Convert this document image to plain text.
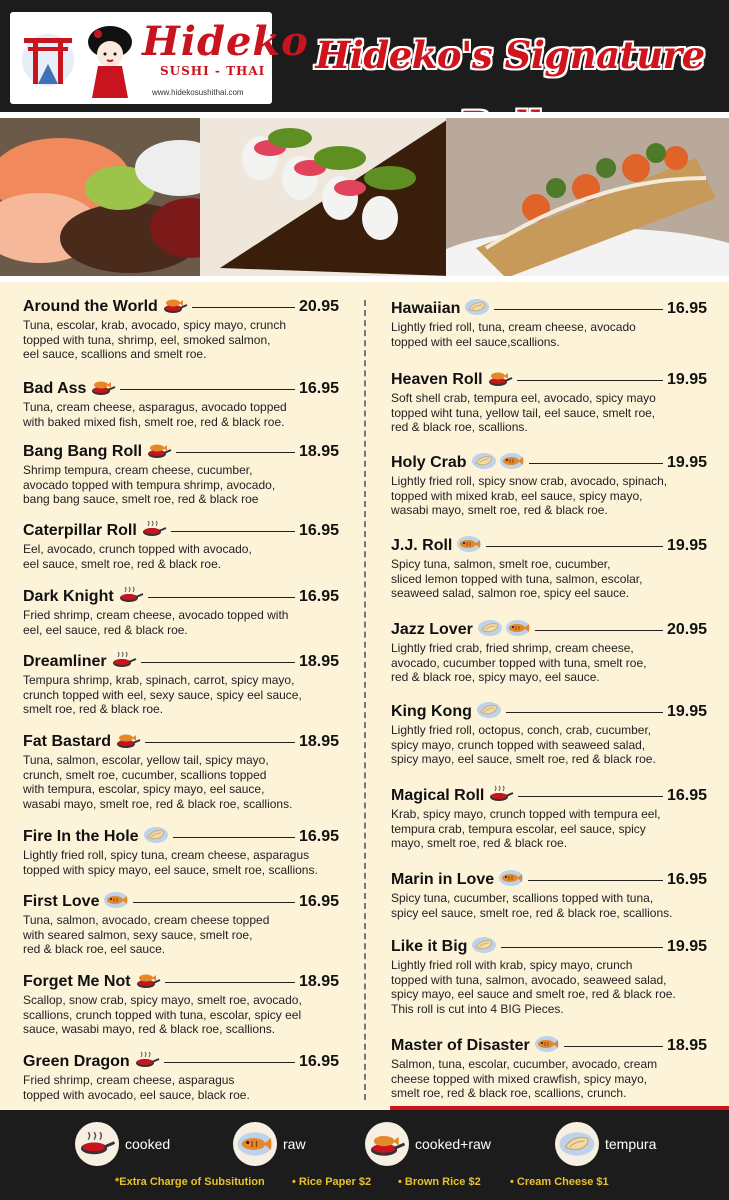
Hideko
SUSHI - THAI
www.hidekosushithai.com
Hideko's Signature
Around the World	20.95
Tuna, escolar, krab, avocado, spicy mayo, crunch
topped with tuna, shrimp, eel, smoked salmon,
eel sauce, scallions and smelt roe.
Bad Ass	16.95
Tuna, cream cheese, asparagus, avocado topped
with baked mixed fish, smelt roe, red & black roe.
Bang Bang Roll	18.95
Shrimp tempura, cream cheese, cucumber,
avocado topped with tempura shrimp, avocado,
bang bang sauce, smelt roe, red & black roe
Caterpillar Roll	16.95
Eel, avocado, crunch topped with avocado,
eel sauce, smelt roe, red & black roe.
Dark Knight	16.95
Fried shrimp, cream cheese, avocado topped with
eel, eel sauce, red & black roe.
Dreamliner	18.95
Tempura shrimp, krab, spinach, carrot, spicy mayo,
crunch topped with eel, sexy sauce, spicy eel sauce,
smelt roe, red & black roe.
Fat Bastard	18.95
Tuna, salmon, escolar, yellow tail, spicy mayo,
crunch, smelt roe, cucumber, scallions topped
with tempura, escolar, spicy mayo, eel sauce,
wasabi mayo, smelt roe, red & black roe, scallions.
Fire In the Hole	16.95
Lightly fried roll, spicy tuna, cream cheese, asparagus
topped with spicy mayo, eel sauce, smelt roe, scallions.
First Love	16.95
Tuna, salmon, avocado, cream cheese topped
with seared salmon, sexy sauce, smelt roe,
red & black roe, eel sauce.
Forget Me Not	18.95
Scallop, snow crab, spicy mayo, smelt roe, avocado,
scallions, crunch topped with tuna, escolar, spicy eel
sauce, wasabi mayo, red & black roe, scallions.
Green Dragon	16.95
Fried shrimp, cream cheese, asparagus
topped with avocado, eel sauce, black roe.
Hawaiian	16.95
Lightly fried roll, tuna, cream cheese, avocado
topped with eel sauce,scallions.
Heaven Roll	19.95
Soft shell crab, tempura eel, avocado, spicy mayo
topped wiht tuna, yellow tail, eel sauce, smelt roe,
red & black roe, scallions.
Holy Crab	19.95
Lightly fried roll, spicy snow crab, avocado, spinach,
topped with mixed krab, eel sauce, spicy mayo,
wasabi mayo, smelt roe, red & black roe.
J.J. Roll	19.95
Spicy tuna, salmon, smelt roe, cucumber,
sliced lemon topped with tuna, salmon, escolar,
seaweed salad, salmon roe, spicy eel sauce.
Jazz Lover	20.95
Lightly fried crab, fried shrimp, cream cheese,
avocado, cucumber topped with tuna, smelt roe,
red & black roe, spicy mayo, eel sauce.
King Kong	19.95
Lightly fried roll, octopus, conch, crab, cucumber,
spicy mayo, crunch topped with seaweed salad,
spicy mayo, eel sauce, smelt roe, red & black roe.
Magical Roll	16.95
Krab, spicy mayo, crunch topped with tempura eel,
tempura crab, tempura escolar, eel sauce, spicy
mayo, smelt roe, red & black roe.
Marin in Love	16.95
Spicy tuna, cucumber, scallions topped with tuna,
spicy eel sauce, smelt roe, red & black roe, scallions.
Like it Big	19.95
Lightly fried roll with krab, spicy mayo, crunch
topped with tuna, salmon, avocado, seaweed salad,
spicy mayo, eel sauce and smelt roe, red & black roe.
This roll is cut into 4 BIG Pieces.
Master of Disaster	18.95
Salmon, tuna, escolar, cucumber, avocado, cream
cheese topped with mixed crawfish, spicy mayo,
smelt roe, red & black roe, scallions, crunch.
cooked	raw	cooked+raw	tempura
*Extra Charge of Subsitution • Rice Paper $2 • Brown Rice $2	• Cream Cheese $1
